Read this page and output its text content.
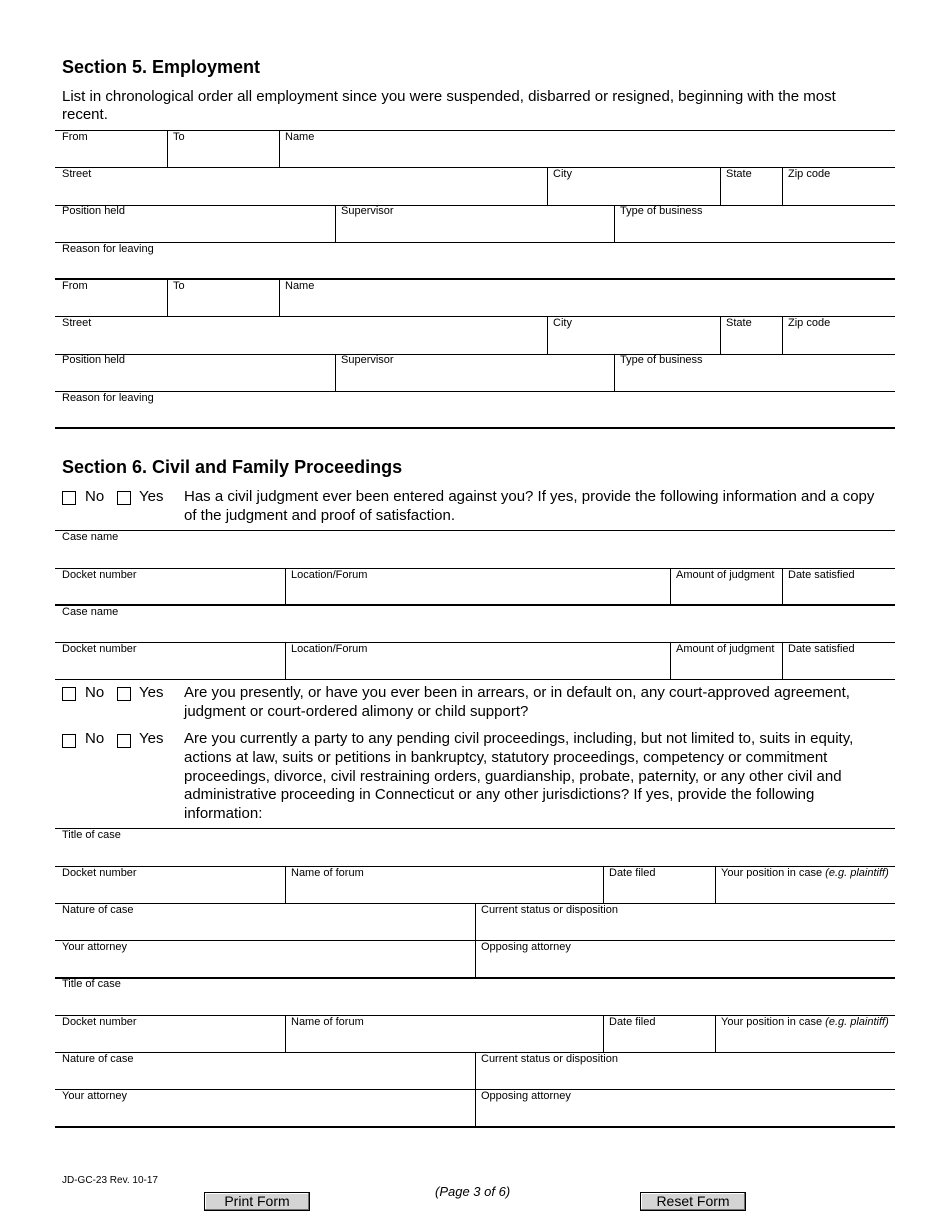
Section 5. Employment
List in chronological order all employment since you were suspended, disbarred or resigned, beginning with the most recent.
From	To	Name
Street	City	State	Zip code
Position held	Supervisor	Type of business
Reason for leaving
From	To	Name
Street	City	State	Zip code
Position held	Supervisor	Type of business
Reason for leaving
Section 6. Civil and Family Proceedings
No Yes Has a civil judgment ever been entered against you? If yes, provide the following information and a copy of the judgment and proof of satisfaction.
Case name
Docket number	Location/Forum	Amount of judgment Date satisfied
Case name
Docket number	Location/Forum	Amount of judgment Date satisfied
No Yes Are you presently, or have you ever been in arrears, or in default on, any court-approved agreement, judgment or court-ordered alimony or child support?
No Yes Are you currently a party to any pending civil proceedings, including, but not limited to, suits in equity, actions at law, suits or petitions in bankruptcy, statutory proceedings, competency or commitment proceedings, divorce, civil restraining orders, guardianship, probate, paternity, or any other civil and administrative proceeding in Connecticut or any other jurisdictions? If yes, provide the following information:
Title of case
Docket number	Name of forum	Date filed	Your position in case (e.g. plaintiff)
Nature of case	Current status or disposition
Your attorney	Opposing attorney
Title of case
Docket number	Name of forum	Date filed	Your position in case (e.g. plaintiff)
Nature of case	Current status or disposition
Your attorney	Opposing attorney
JD-GC-23 Rev. 10-17
(Page 3 of 6)
Print Form	Reset Form
